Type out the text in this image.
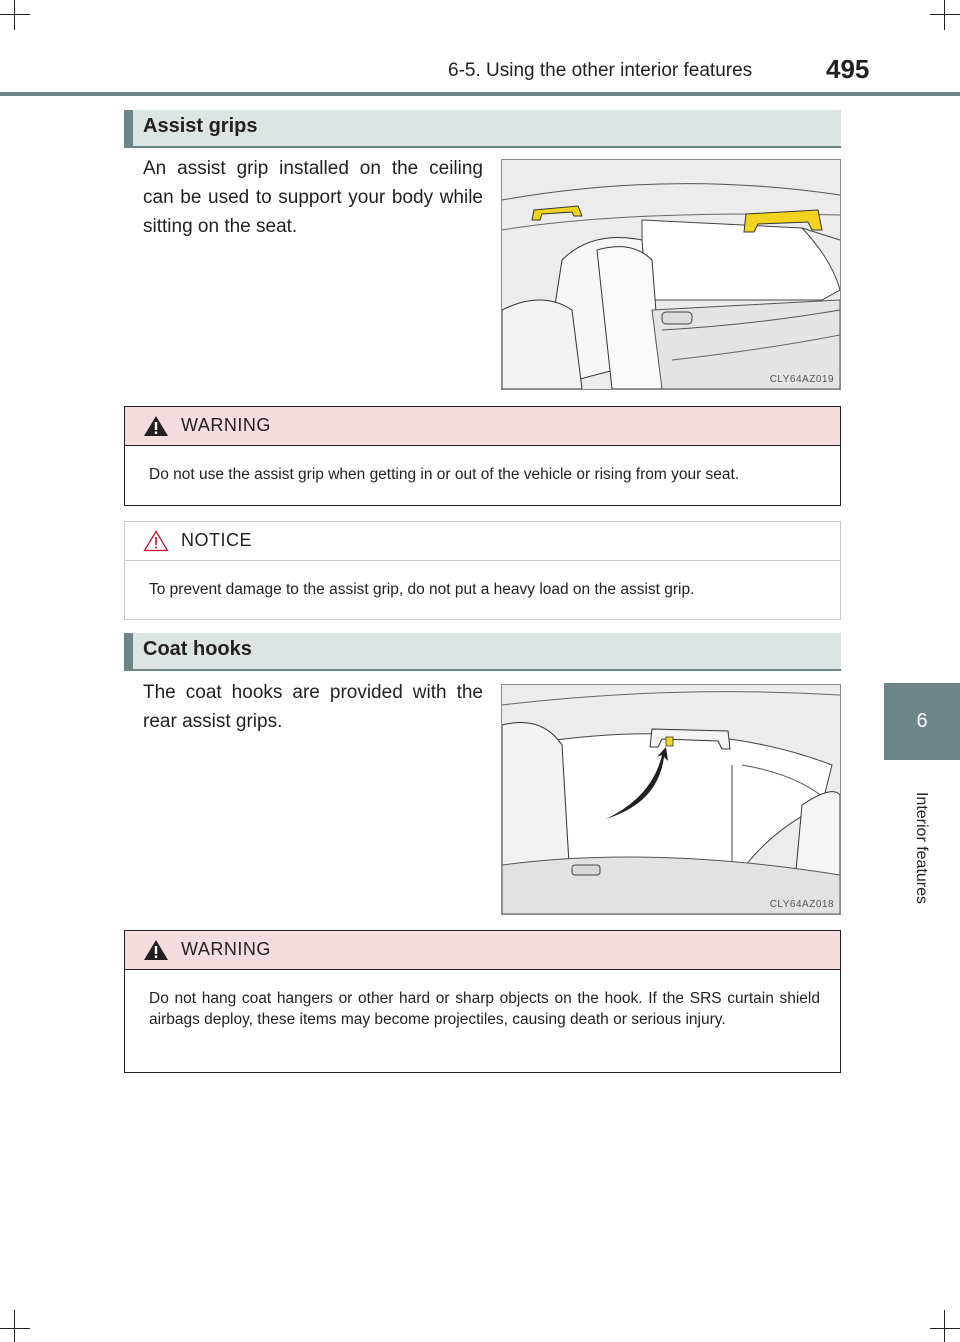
6-5. Using the other interior features	495
6
Interior features
Assist grips
An assist grip installed on the ceiling can be used to support your body while sitting on the seat.
CLY64AZ019
WARNING
Do not use the assist grip when getting in or out of the vehicle or rising from your seat.
NOTICE
To prevent damage to the assist grip, do not put a heavy load on the assist grip.
Coat hooks
The coat hooks are provided with the rear assist grips.
CLY64AZ018
WARNING
Do not hang coat hangers or other hard or sharp objects on the hook. If the SRS curtain shield airbags deploy, these items may become projectiles, causing death or serious injury.
